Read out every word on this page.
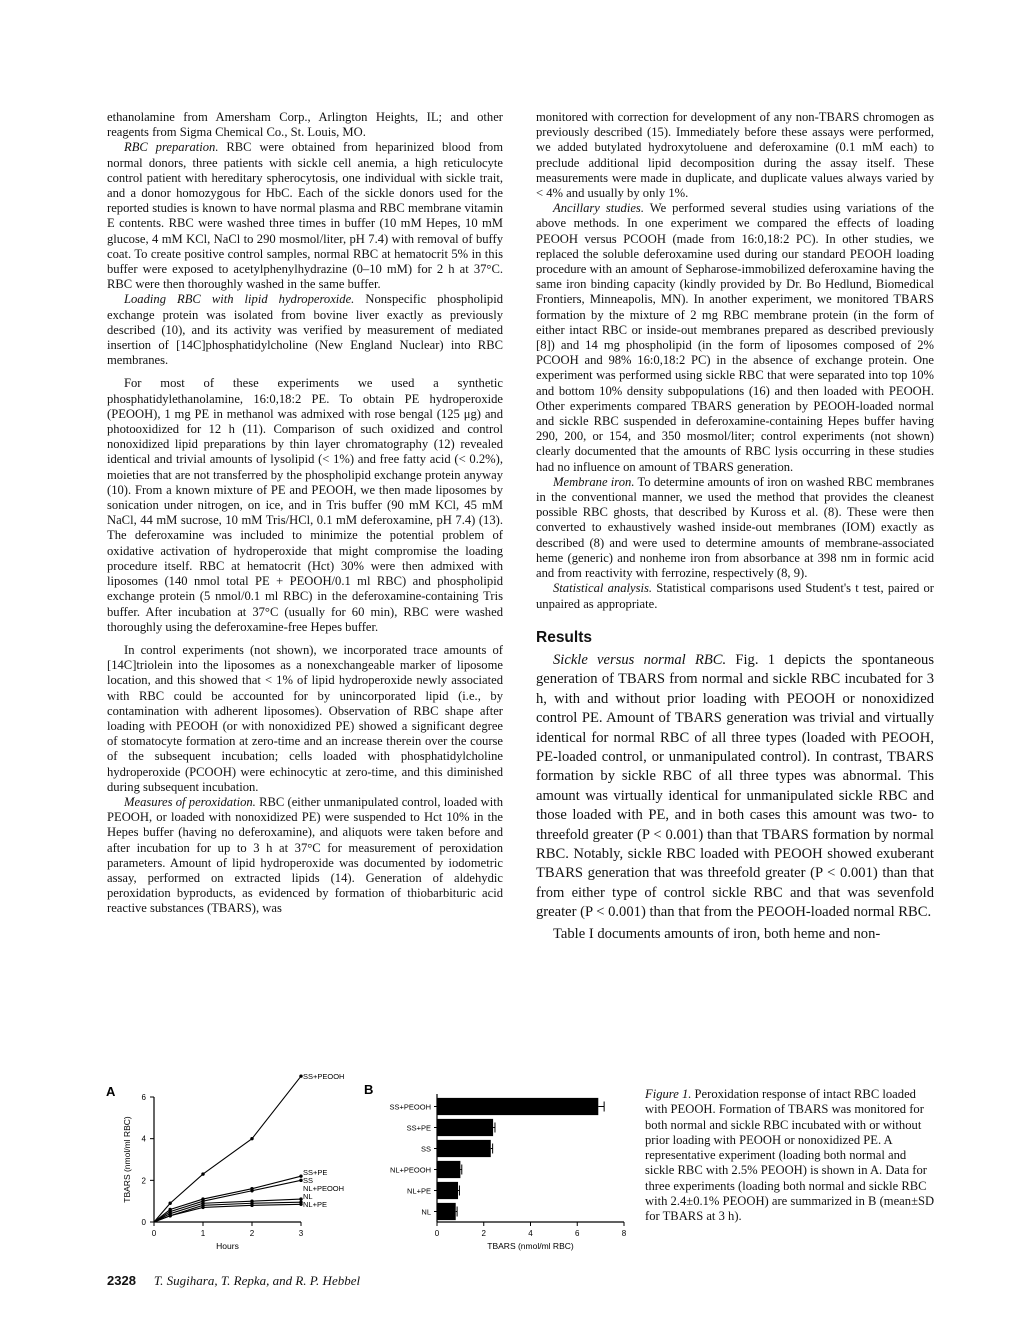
ethanolamine from Amersham Corp., Arlington Heights, IL; and other reagents from Sigma Chemical Co., St. Louis, MO.

RBC preparation. RBC were obtained from heparinized blood from normal donors, three patients with sickle cell anemia, a high reticulocyte control patient with hereditary spherocytosis, one individual with sickle trait, and a donor homozygous for HbC. Each of the sickle donors used for the reported studies is known to have normal plasma and RBC membrane vitamin E contents. RBC were washed three times in buffer (10 mM Hepes, 10 mM glucose, 4 mM KCl, NaCl to 290 mosmol/liter, pH 7.4) with removal of buffy coat. To create positive control samples, normal RBC at hematocrit 5% in this buffer were exposed to acetylphenylhydrazine (0–10 mM) for 2 h at 37°C. RBC were then thoroughly washed in the same buffer.

Loading RBC with lipid hydroperoxide. Nonspecific phospholipid exchange protein was isolated from bovine liver exactly as previously described (10), and its activity was verified by measurement of mediated insertion of [14C]phosphatidylcholine (New England Nuclear) into RBC membranes.

For most of these experiments we used a synthetic phosphatidylethanolamine, 16:0,18:2 PE. To obtain PE hydroperoxide (PEOOH), 1 mg PE in methanol was admixed with rose bengal (125 μg) and photooxidized for 12 h (11). Comparison of such oxidized and control nonoxidized lipid preparations by thin layer chromatography (12) revealed identical and trivial amounts of lysolipid (< 1%) and free fatty acid (< 0.2%), moieties that are not transferred by the phospholipid exchange protein anyway (10). From a known mixture of PE and PEOOH, we then made liposomes by sonication under nitrogen, on ice, and in Tris buffer (90 mM KCl, 45 mM NaCl, 44 mM sucrose, 10 mM Tris/HCl, 0.1 mM deferoxamine, pH 7.4) (13). The deferoxamine was included to minimize the potential problem of oxidative activation of hydroperoxide that might compromise the loading procedure itself. RBC at hematocrit (Hct) 30% were then admixed with liposomes (140 nmol total PE + PEOOH/0.1 ml RBC) and phospholipid exchange protein (5 nmol/0.1 ml RBC) in the deferoxamine-containing Tris buffer. After incubation at 37°C (usually for 60 min), RBC were washed thoroughly using the deferoxamine-free Hepes buffer.

In control experiments (not shown), we incorporated trace amounts of [14C]triolein into the liposomes as a nonexchangeable marker of liposome location, and this showed that < 1% of lipid hydroperoxide newly associated with RBC could be accounted for by unincorporated lipid (i.e., by contamination with adherent liposomes). Observation of RBC shape after loading with PEOOH (or with nonoxidized PE) showed a significant degree of stomatocyte formation at zero-time and an increase therein over the course of the subsequent incubation; cells loaded with phosphatidylcholine hydroperoxide (PCOOH) were echinocytic at zero-time, and this diminished during subsequent incubation.

Measures of peroxidation. RBC (either unmanipulated control, loaded with PEOOH, or loaded with nonoxidized PE) were suspended to Hct 10% in the Hepes buffer (having no deferoxamine), and aliquots were taken before and after incubation for up to 3 h at 37°C for measurement of peroxidation parameters. Amount of lipid hydroperoxide was documented by iodometric assay, performed on extracted lipids (14). Generation of aldehydic peroxidation byproducts, as evidenced by formation of thiobarbituric acid reactive substances (TBARS), was

monitored with correction for development of any non-TBARS chromogen as previously described (15). Immediately before these assays were performed, we added butylated hydroxytoluene and deferoxamine (0.1 mM each) to preclude additional lipid decomposition during the assay itself. These measurements were made in duplicate, and duplicate values always varied by < 4% and usually by only 1%.

Ancillary studies. We performed several studies using variations of the above methods. In one experiment we compared the effects of loading PEOOH versus PCOOH (made from 16:0,18:2 PC). In other studies, we replaced the soluble deferoxamine used during our standard PEOOH loading procedure with an amount of Sepharose-immobilized deferoxamine having the same iron binding capacity (kindly provided by Dr. Bo Hedlund, Biomedical Frontiers, Minneapolis, MN). In another experiment, we monitored TBARS formation by the mixture of 2 mg RBC membrane protein (in the form of either intact RBC or inside-out membranes prepared as described previously [8]) and 14 mg phospholipid (in the form of liposomes composed of 2% PCOOH and 98% 16:0,18:2 PC) in the absence of exchange protein. One experiment was performed using sickle RBC that were separated into top 10% and bottom 10% density subpopulations (16) and then loaded with PEOOH. Other experiments compared TBARS generation by PEOOH-loaded normal and sickle RBC suspended in deferoxamine-containing Hepes buffer having 290, 200, or 154, and 350 mosmol/liter; control experiments (not shown) clearly documented that the amounts of RBC lysis occurring in these studies had no influence on amount of TBARS generation.

Membrane iron. To determine amounts of iron on washed RBC membranes in the conventional manner, we used the method that provides the cleanest possible RBC ghosts, that described by Kuross et al. (8). These were then converted to exhaustively washed inside-out membranes (IOM) exactly as described (8) and were used to determine amounts of membrane-associated heme (generic) and nonheme iron from absorbance at 398 nm in formic acid and from reactivity with ferrozine, respectively (8, 9).

Statistical analysis. Statistical comparisons used Student's t test, paired or unpaired as appropriate.

Results

Sickle versus normal RBC. Fig. 1 depicts the spontaneous generation of TBARS from normal and sickle RBC incubated for 3 h, with and without prior loading with PEOOH or nonoxidized control PE. Amount of TBARS generation was trivial and virtually identical for normal RBC of all three types (loaded with PEOOH, PE-loaded control, or unmanipulated control). In contrast, TBARS formation by sickle RBC of all three types was abnormal. This amount was virtually identical for unmanipulated sickle RBC and those loaded with PE, and in both cases this amount was two- to threefold greater (P < 0.001) than that TBARS formation by normal RBC. Notably, sickle RBC loaded with PEOOH showed exuberant TBARS generation that was threefold greater (P < 0.001) than that from either type of control sickle RBC and that was sevenfold greater (P < 0.001) than that from the PEOOH-loaded normal RBC.

Table I documents amounts of iron, both heme and non-

A
0
2
4
6
0	1	2	3
Hours
TBARS (nmol/ml RBC)
SS+PEOOH
SS+PE
SS
NL+PEOOH
NL
NL+PE
B
0	2	4	6	8
TBARS (nmol/ml RBC)
SS+PEOOH
SS+PE
SS
NL+PEOOH
NL+PE
NL
Figure 1. Peroxidation response of intact RBC loaded with PEOOH. Formation of TBARS was monitored for both normal and sickle RBC incubated with or without prior loading with PEOOH or nonoxidized PE. A representative experiment (loading both normal and sickle RBC with 2.5% PEOOH) is shown in A. Data for three experiments (loading both normal and sickle RBC with 2.4±0.1% PEOOH) are summarized in B (mean±SD for TBARS at 3 h).
2328 T. Sugihara, T. Repka, and R. P. Hebbel
